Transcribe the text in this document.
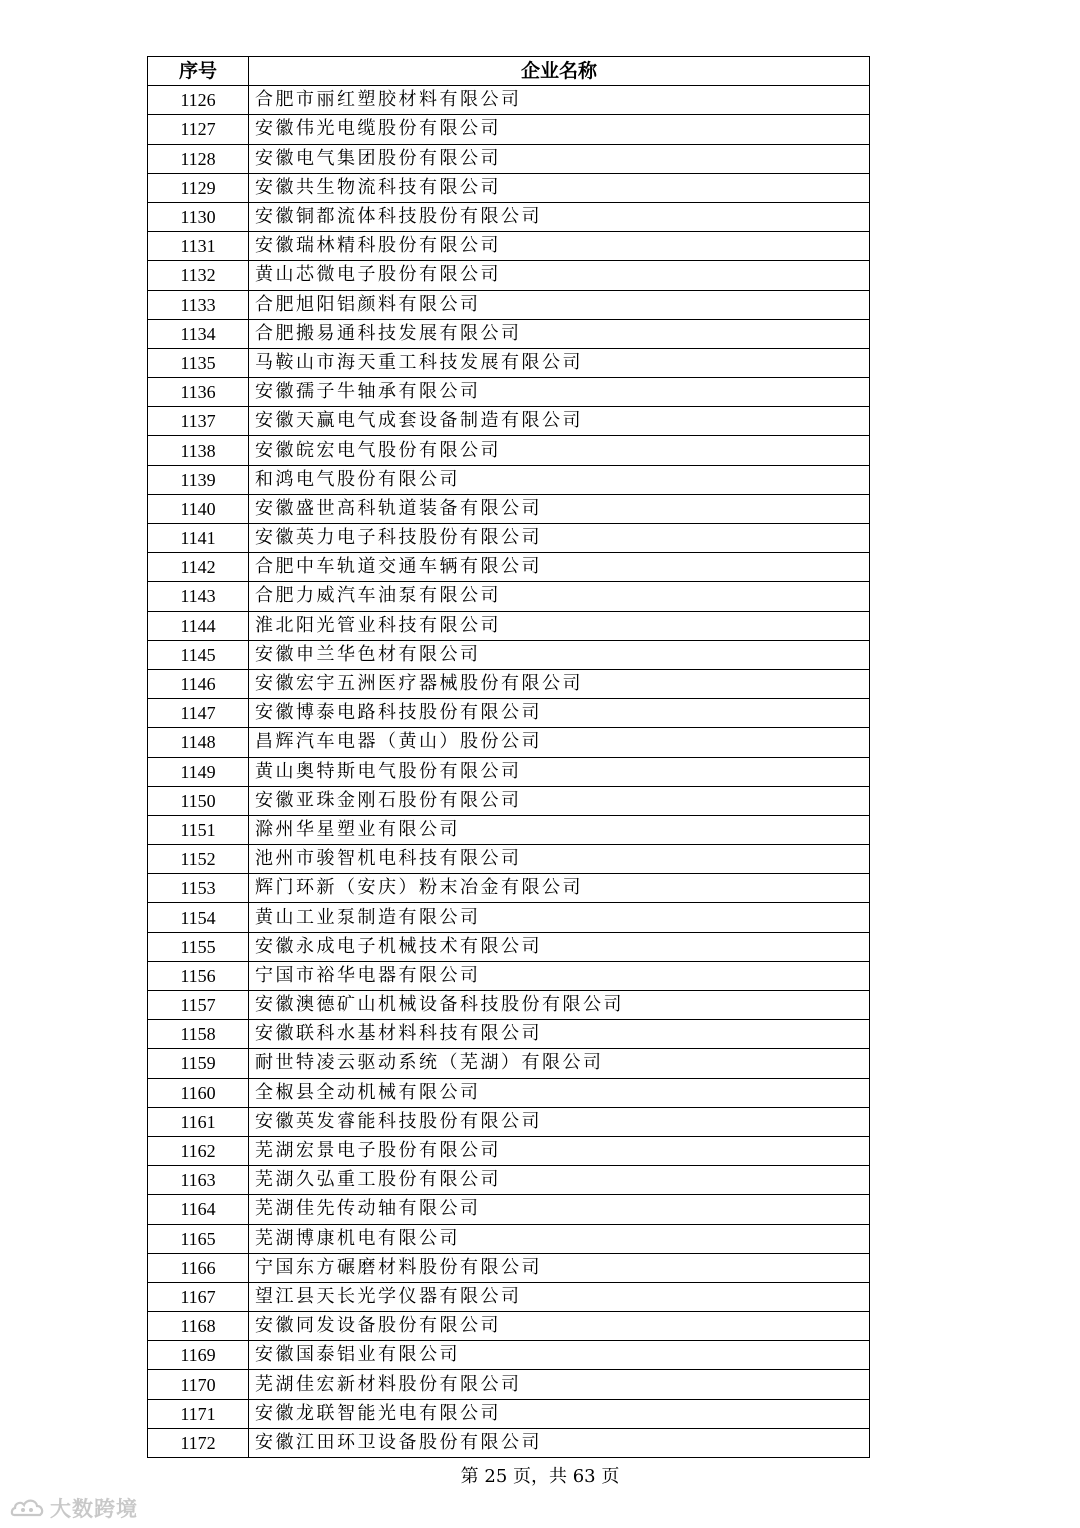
序号	企业名称
1126	合肥市丽红塑胶材料有限公司
1127	安徽伟光电缆股份有限公司
1128	安徽电气集团股份有限公司
1129	安徽共生物流科技有限公司
1130	安徽铜都流体科技股份有限公司
1131	安徽瑞林精科股份有限公司
1132	黄山芯微电子股份有限公司
1133	合肥旭阳铝颜料有限公司
1134	合肥搬易通科技发展有限公司
1135	马鞍山市海天重工科技发展有限公司
1136	安徽孺子牛轴承有限公司
1137	安徽天赢电气成套设备制造有限公司
1138	安徽皖宏电气股份有限公司
1139	和鸿电气股份有限公司
1140	安徽盛世高科轨道装备有限公司
1141	安徽英力电子科技股份有限公司
1142	合肥中车轨道交通车辆有限公司
1143	合肥力威汽车油泵有限公司
1144	淮北阳光管业科技有限公司
1145	安徽申兰华色材有限公司
1146	安徽宏宇五洲医疗器械股份有限公司
1147	安徽博泰电路科技股份有限公司
1148	昌辉汽车电器（黄山）股份公司
1149	黄山奥特斯电气股份有限公司
1150	安徽亚珠金刚石股份有限公司
1151	滁州华星塑业有限公司
1152	池州市骏智机电科技有限公司
1153	辉门环新（安庆）粉末冶金有限公司
1154	黄山工业泵制造有限公司
1155	安徽永成电子机械技术有限公司
1156	宁国市裕华电器有限公司
1157	安徽澳德矿山机械设备科技股份有限公司
1158	安徽联科水基材料科技有限公司
1159	耐世特凌云驱动系统（芜湖）有限公司
1160	全椒县全动机械有限公司
1161	安徽英发睿能科技股份有限公司
1162	芜湖宏景电子股份有限公司
1163	芜湖久弘重工股份有限公司
1164	芜湖佳先传动轴有限公司
1165	芜湖博康机电有限公司
1166	宁国东方碾磨材料股份有限公司
1167	望江县天长光学仪器有限公司
1168	安徽同发设备股份有限公司
1169	安徽国泰铝业有限公司
1170	芜湖佳宏新材料股份有限公司
1171	安徽龙联智能光电有限公司
1172	安徽江田环卫设备股份有限公司
第 25 页，共 63 页
大数跨境
